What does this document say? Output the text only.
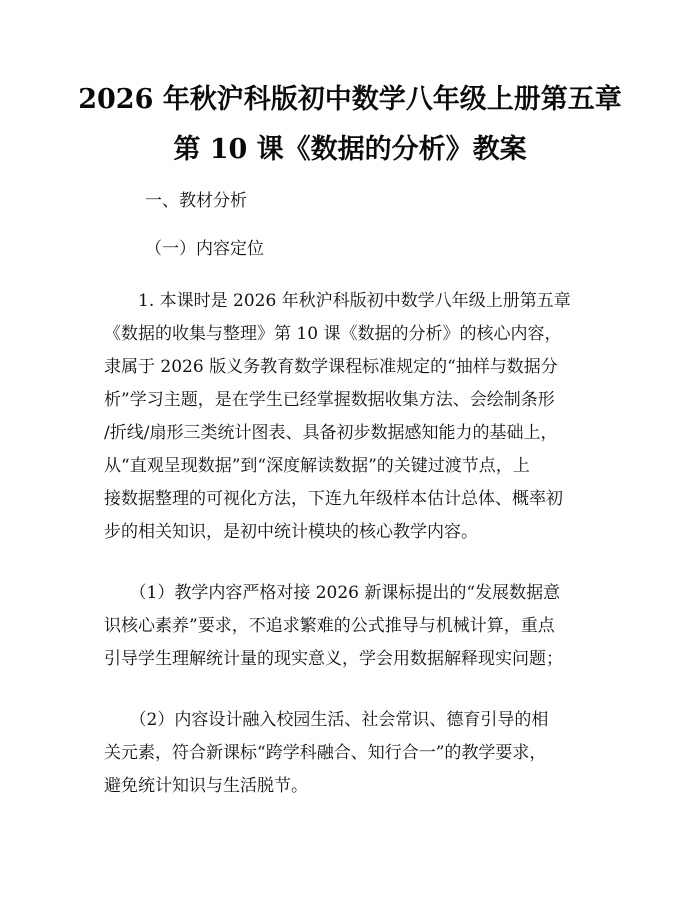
2026 年秋沪科版初中数学八年级上册第五章
第 10 课《数据的分析》教案
一、教材分析
（一）内容定位
　　1. 本课时是 2026 年秋沪科版初中数学八年级上册第五章
《数据的收集与整理》第 10 课《数据的分析》的核心内容，
隶属于 2026 版义务教育数学课程标准规定的“抽样与数据分
析”学习主题，是在学生已经掌握数据收集方法、会绘制条形
/折线/扇形三类统计图表、具备初步数据感知能力的基础上，
从“直观呈现数据”到“深度解读数据”的关键过渡节点，上
接数据整理的可视化方法，下连九年级样本估计总体、概率初
步的相关知识，是初中统计模块的核心教学内容。
　　（1）教学内容严格对接 2026 新课标提出的“发展数据意
识核心素养”要求，不追求繁难的公式推导与机械计算，重点
引导学生理解统计量的现实意义，学会用数据解释现实问题；
　　（2）内容设计融入校园生活、社会常识、德育引导的相
关元素，符合新课标“跨学科融合、知行合一”的教学要求，
避免统计知识与生活脱节。
